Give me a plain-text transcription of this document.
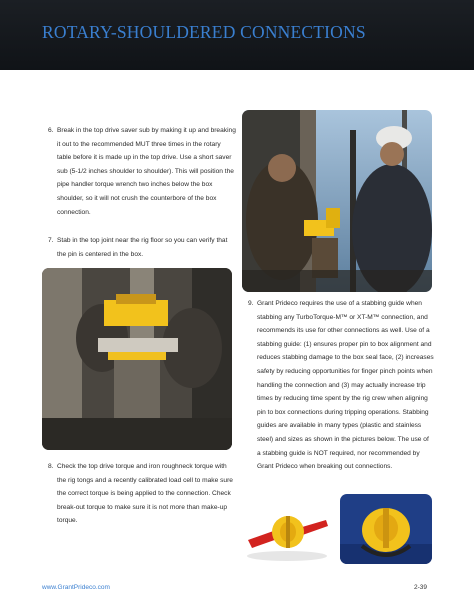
ROTARY-SHOULDERED CONNECTIONS
6. Break in the top drive saver sub by making it up and breaking it out to the recommended MUT three times in the rotary table before it is made up in the top drive. Use a short saver sub (5-1/2 inches shoulder to shoulder). This will position the pipe handler torque wrench two inches below the box shoulder, so it will not crush the counterbore of the box connection.
7. Stab in the top joint near the rig floor so you can verify that the pin is centered in the box.
8. Check the top drive torque and iron roughneck torque with the rig tongs and a recently calibrated load cell to make sure the correct torque is being applied to the connection. Check break-out torque to make sure it is not more than make-up torque.
9. Grant Prideco requires the use of a stabbing guide when stabbing any TurboTorque-M™ or XT-M™ connection, and recommends its use for other connections as well. Use of a stabbing guide: (1) ensures proper pin to box alignment and reduces stabbing damage to the box seal face, (2) increases safety by reducing opportunities for finger pinch points when handling the connection and (3) may actually increase trip times by reducing time spent by the rig crew when aligning pin to box connections during tripping operations. Stabbing guides are available in many types (plastic and stainless steel) and sizes as shown in the pictures below. The use of a stabbing guide is NOT required, nor recommended by Grant Prideco when breaking out connections.
www.GrantPrideco.com	2-39
